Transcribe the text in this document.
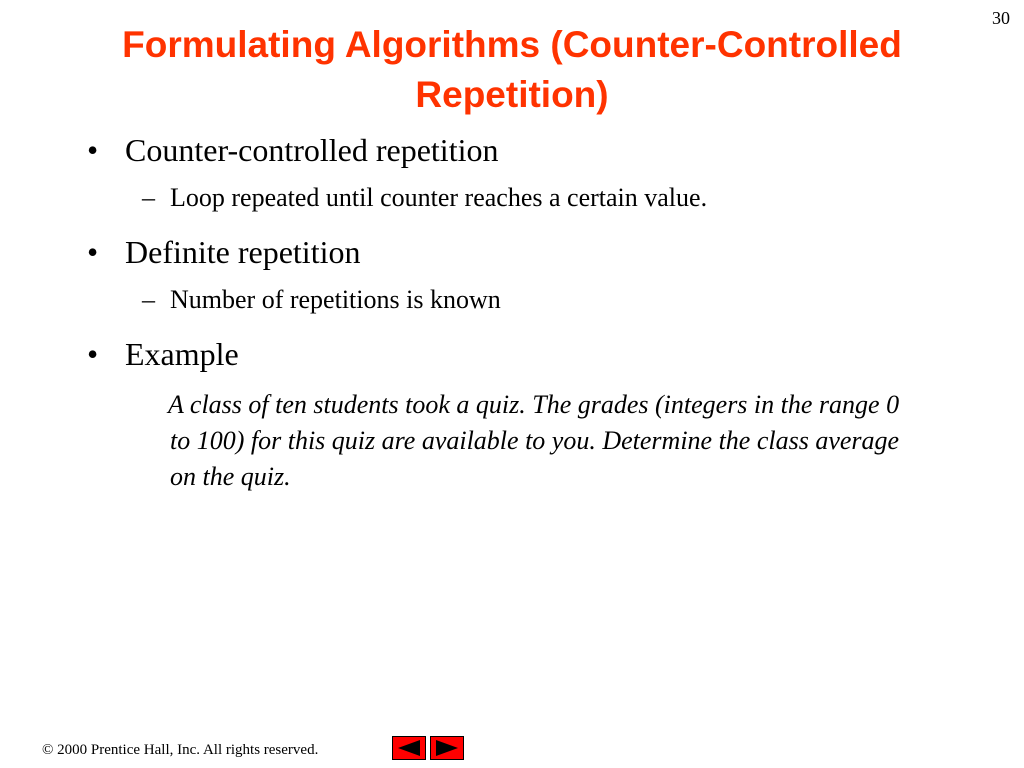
30
Formulating Algorithms (Counter-Controlled
Repetition)
• Counter-controlled repetition
– Loop repeated until counter reaches a certain value.
• Definite repetition
– Number of repetitions is known
• Example
A class of ten students took a quiz. The grades (integers in the range 0 to 100) for this quiz are available to you. Determine the class average on the quiz.
© 2000 Prentice Hall, Inc. All rights reserved.
